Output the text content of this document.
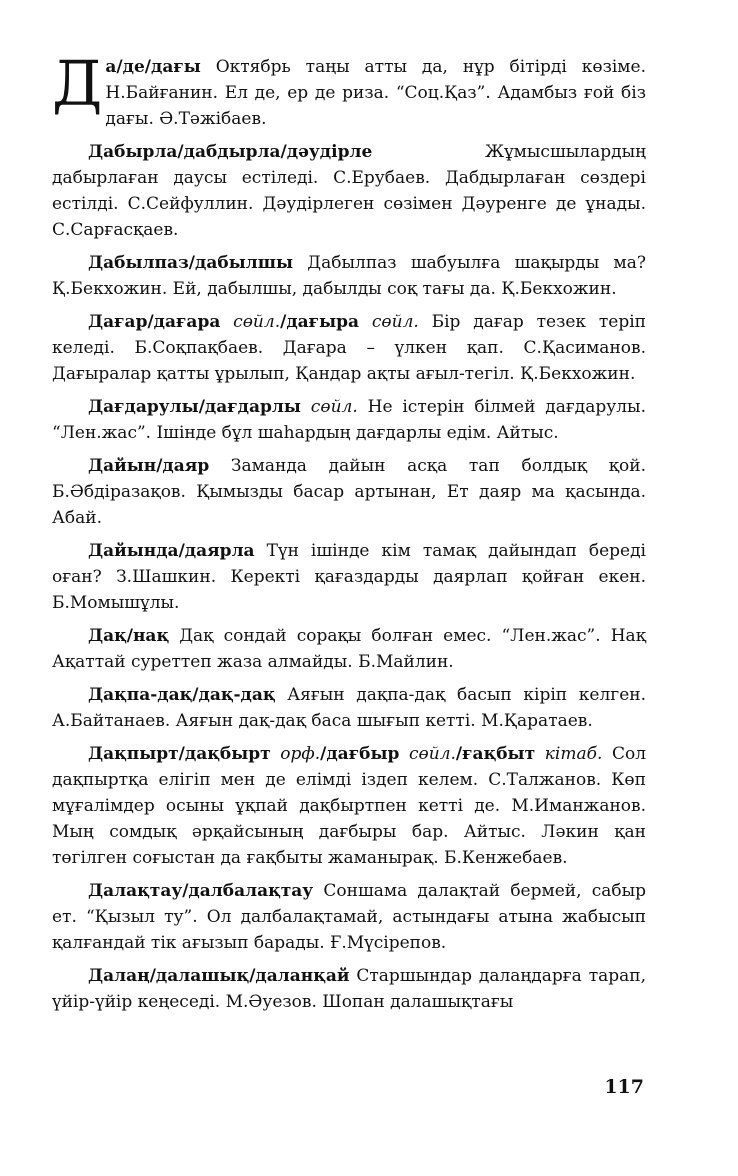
Да/де/дағы Октябрь таңы атты да, нұр бітірді көзіме. Н.Байғанин. Ел де, ер де риза. “Соц.Қаз”. Адамбыз ғой біз дағы. Ә.Тәжібаев.

Дабырла/дабдырла/дәудірле Жұмысшылардың дабырлаған даусы естіледі. С.Ерубаев. Дабдырлаған сөздері естілді. С.Сейфуллин. Дәудірлеген сөзімен Дәуренге де ұнады. С.Сарғасқаев.

Дабылпаз/дабылшы Дабылпаз шабуылға шақырды ма? Қ.Бекхожин. Ей, дабылшы, дабылды соқ тағы да. Қ.Бекхожин.

Дағар/дағара сөйл./дағыра сөйл. Бір дағар тезек теріп келеді. Б.Соқпақбаев. Дағара – үлкен қап. С.Қасиманов. Дағыралар қатты ұрылып, Қандар ақты ағыл-тегіл. Қ.Бекхожин.

Дағдарулы/дағдарлы сөйл. Не істерін білмей дағдарулы. “Лен.жас”. Ішінде бұл шаһардың дағдарлы едім. Айтыс.

Дайын/даяр Заманда дайын асқа тап болдық қой. Б.Әбдіразақов. Қымызды басар артынан, Ет даяр ма қасында. Абай.

Дайында/даярла Түн ішінде кім тамақ дайындап береді оған? З.Шашкин. Керекті қағаздарды даярлап қойған екен. Б.Момышұлы.

Дақ/нақ Дақ сондай сорақы болған емес. “Лен.жас”. Нақ Ақаттай суреттеп жаза алмайды. Б.Майлин.

Дақпа-дақ/дақ-дақ Аяғын дақпа-дақ басып кіріп келген. А.Байтанаев. Аяғын дақ-дақ баса шығып кетті. М.Қаратаев.

Дақпырт/дақбырт орф./дағбыр сөйл./ғақбыт кітаб. Сол дақпыртқа елігіп мен де елімді іздеп келем. С.Талжанов. Көп мұғалімдер осыны ұқпай дақбыртпен кетті де. М.Иманжанов. Мың сомдық әрқайсының дағбыры бар. Айтыс. Ләкин қан төгілген соғыстан да ғақбыты жаманырақ. Б.Кенжебаев.

Далақтау/далбалақтау Соншама далақтай бермей, сабыр ет. “Қызыл ту”. Ол далбалақтамай, астындағы атына жабысып қалғандай тік ағызып барады. Ғ.Мүсірепов.

Далаң/далашық/даланқай Старшындар далаңдарға тарап, үйір-үйір кеңеседі. М.Әуезов. Шопан далашықтағы

117
